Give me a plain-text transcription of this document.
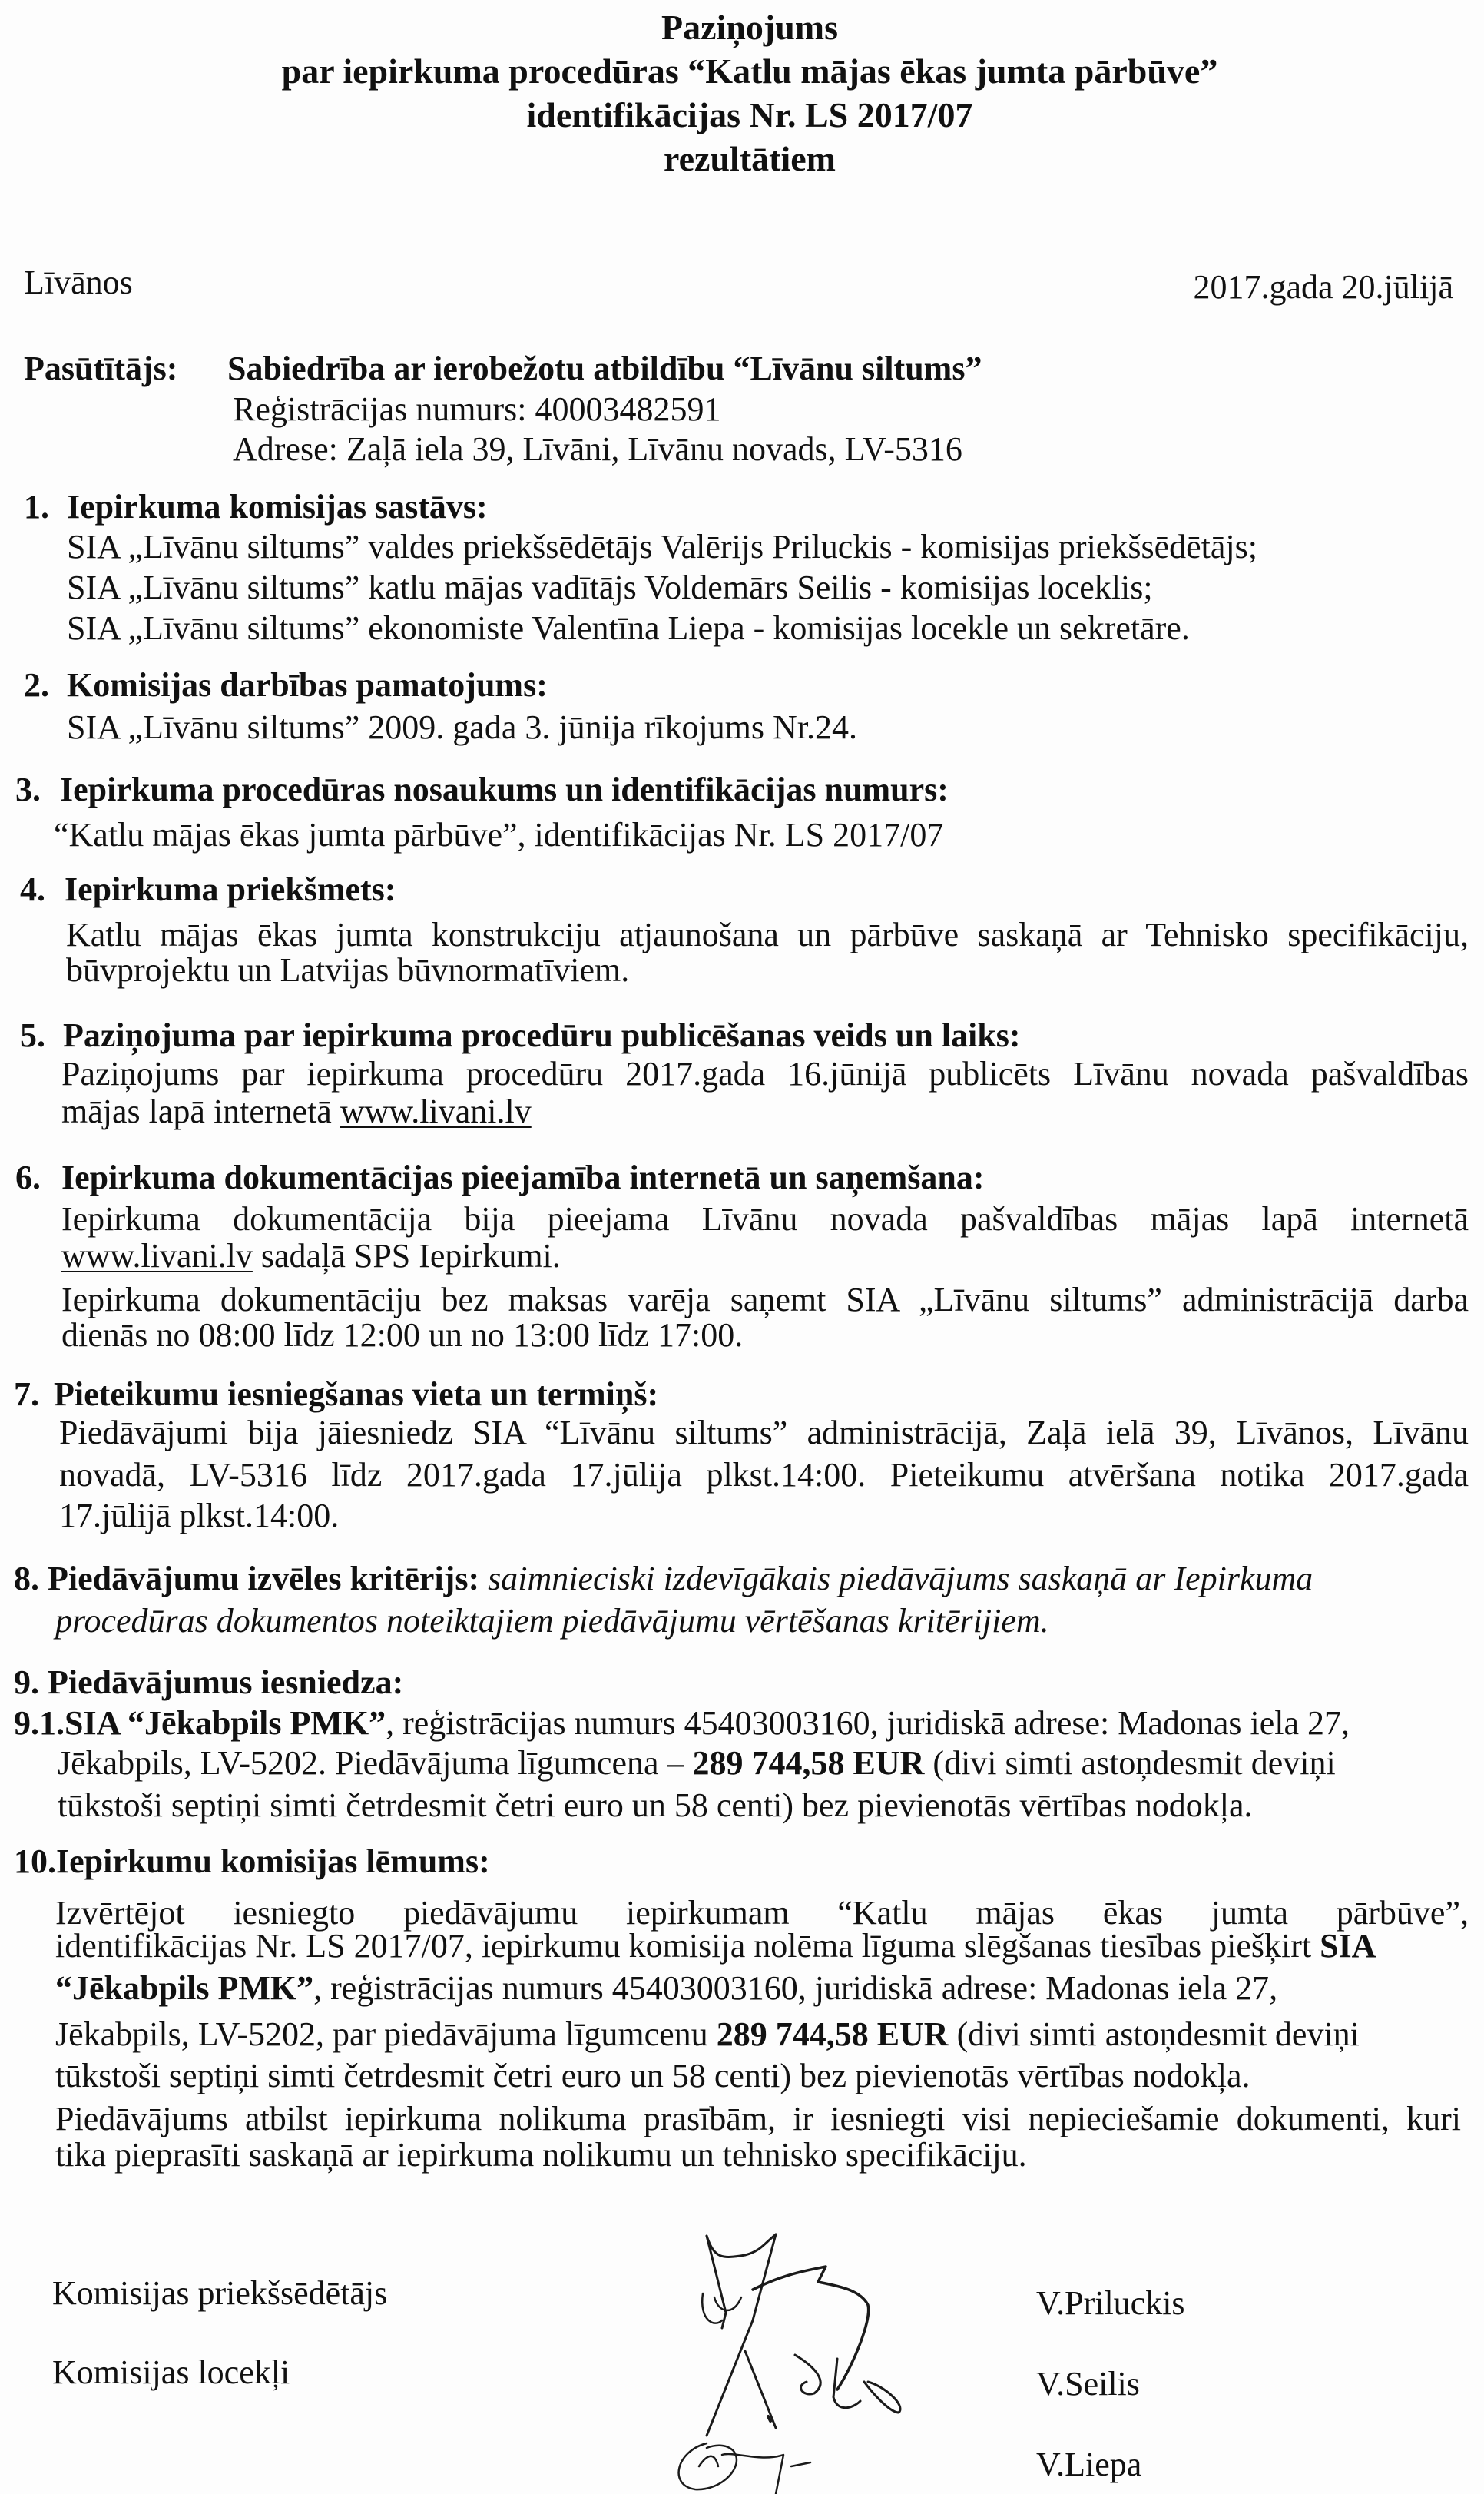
Paziņojums
par iepirkuma procedūras “Katlu mājas ēkas jumta pārbūve”
identifikācijas Nr. LS 2017/07
rezultātiem
Līvānos	2017.gada 20.jūlijā
Pasūtītājs: Sabiedrība ar ierobežotu atbildību “Līvānu siltums”
Reģistrācijas numurs: 40003482591
Adrese: Zaļā iela 39, Līvāni, Līvānu novads, LV-5316
1. Iepirkuma komisijas sastāvs:
SIA „Līvānu siltums” valdes priekšsēdētājs Valērijs Priluckis - komisijas priekšsēdētājs;
SIA „Līvānu siltums” katlu mājas vadītājs Voldemārs Seilis - komisijas loceklis;
SIA „Līvānu siltums” ekonomiste Valentīna Liepa - komisijas locekle un sekretāre.
2. Komisijas darbības pamatojums:
SIA „Līvānu siltums” 2009. gada 3. jūnija rīkojums Nr.24.
3. Iepirkuma procedūras nosaukums un identifikācijas numurs:
“Katlu mājas ēkas jumta pārbūve”, identifikācijas Nr. LS 2017/07
4. Iepirkuma priekšmets:
Katlu mājas ēkas jumta konstrukciju atjaunošana un pārbūve saskaņā ar Tehnisko specifikāciju,
būvprojektu un Latvijas būvnormatīviem.
5. Paziņojuma par iepirkuma procedūru publicēšanas veids un laiks:
Paziņojums par iepirkuma procedūru 2017.gada 16.jūnijā publicēts Līvānu novada pašvaldības
mājas lapā internetā www.livani.lv
6. Iepirkuma dokumentācijas pieejamība internetā un saņemšana:
Iepirkuma dokumentācija bija pieejama Līvānu novada pašvaldības mājas lapā internetā
www.livani.lv sadaļā SPS Iepirkumi.
Iepirkuma dokumentāciju bez maksas varēja saņemt SIA „Līvānu siltums” administrācijā darba
dienās no 08:00 līdz 12:00 un no 13:00 līdz 17:00.
7. Pieteikumu iesniegšanas vieta un termiņš:
Piedāvājumi bija jāiesniedz SIA “Līvānu siltums” administrācijā, Zaļā ielā 39, Līvānos, Līvānu
novadā, LV-5316 līdz 2017.gada 17.jūlija plkst.14:00. Pieteikumu atvēršana notika 2017.gada
17.jūlijā plkst.14:00.
8. Piedāvājumu izvēles kritērijs: saimnieciski izdevīgākais piedāvājums saskaņā ar Iepirkuma
procedūras dokumentos noteiktajiem piedāvājumu vērtēšanas kritērijiem.
9. Piedāvājumus iesniedza:
9.1.SIA “Jēkabpils PMK”, reģistrācijas numurs 45403003160, juridiskā adrese: Madonas iela 27,
Jēkabpils, LV-5202. Piedāvājuma līgumcena – 289 744,58 EUR (divi simti astoņdesmit deviņi
tūkstoši septiņi simti četrdesmit četri euro un 58 centi) bez pievienotās vērtības nodokļa.
10.Iepirkumu komisijas lēmums:
Izvērtējot iesniegto piedāvājumu iepirkumam “Katlu mājas ēkas jumta pārbūve”,
identifikācijas Nr. LS 2017/07, iepirkumu komisija nolēma līguma slēgšanas tiesības piešķirt SIA
“Jēkabpils PMK”, reģistrācijas numurs 45403003160, juridiskā adrese: Madonas iela 27,
Jēkabpils, LV-5202, par piedāvājuma līgumcenu 289 744,58 EUR (divi simti astoņdesmit deviņi
tūkstoši septiņi simti četrdesmit četri euro un 58 centi) bez pievienotās vērtības nodokļa.
Piedāvājums atbilst iepirkuma nolikuma prasībām, ir iesniegti visi nepieciešamie dokumenti, kuri
tika pieprasīti saskaņā ar iepirkuma nolikumu un tehnisko specifikāciju.
Komisijas priekšsēdētājs
Komisijas locekļi
V.Priluckis
V.Seilis
V.Liepa
